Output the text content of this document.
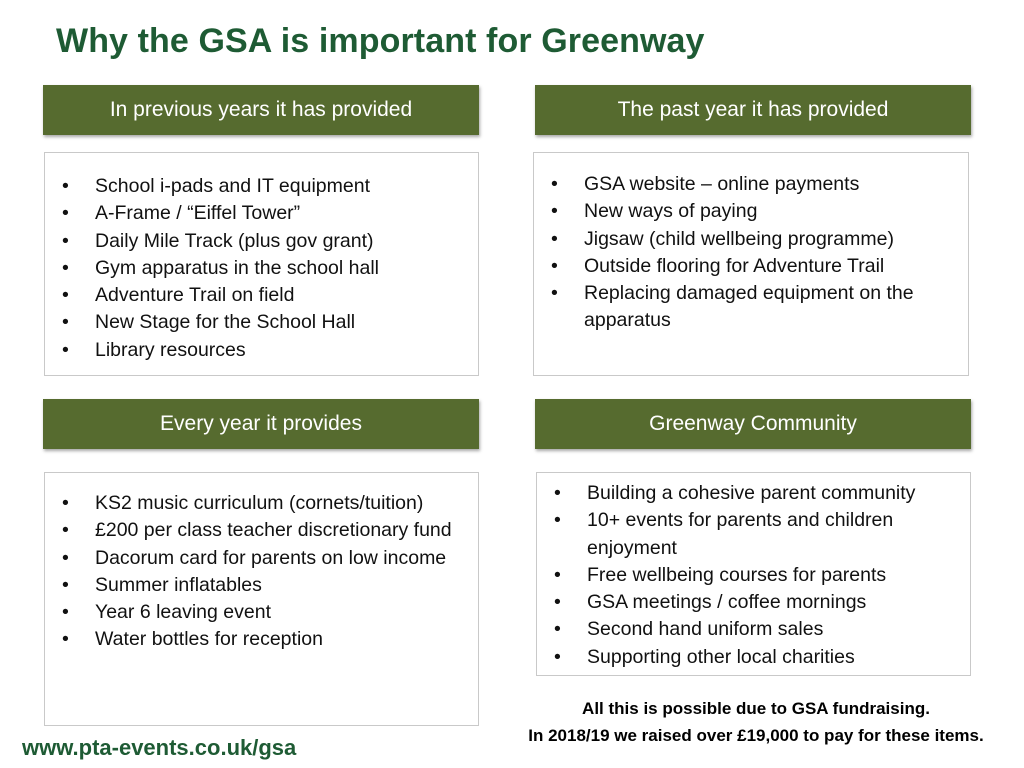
Why the GSA is important for Greenway
In previous years it has provided
• School i-pads and IT equipment
• A-Frame / “Eiffel Tower”
• Daily Mile Track (plus gov grant)
• Gym apparatus in the school hall
• Adventure Trail on field
• New Stage for the School Hall
• Library resources
The past year it has provided
• GSA website – online payments
• New ways of paying
• Jigsaw (child wellbeing programme)
• Outside flooring for Adventure Trail
• Replacing damaged equipment on the apparatus
Every year it provides
• KS2 music curriculum (cornets/tuition)
• £200 per class teacher discretionary fund
• Dacorum card for parents on low income
• Summer inflatables
• Year 6 leaving event
• Water bottles for reception
Greenway Community
• Building a cohesive parent community
• 10+ events for parents and children enjoyment
• Free wellbeing courses for parents
• GSA meetings / coffee mornings
• Second hand uniform sales
• Supporting other local charities
All this is possible due to GSA fundraising.
In 2018/19 we raised over £19,000 to pay for these items.
www.pta-events.co.uk/gsa
